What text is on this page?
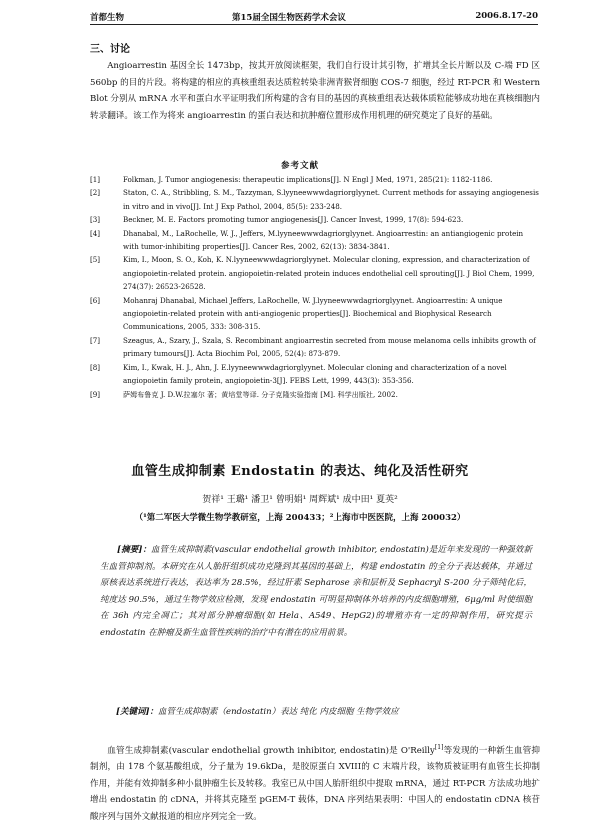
首都生物	第15届全国生物医药学术会议	2006.8.17-20
三、讨论
Angioarrestin 基因全长 1473bp，按其开放阅读框架，我们自行设计其引物，扩增其全长片断以及 C-端 FD 区 560bp 的目的片段。将构建的相应的真核重组表达质粒转染非洲青猴肾细胞 COS-7 细胞，经过 RT-PCR 和 Western Blot 分别从 mRNA 水平和蛋白水平证明我们所构建的含有目的基因的真核重组表达载体质粒能够成功地在真核细胞内转录翻译。该工作为将来 angioarrestin 的蛋白表达和抗肿瘤位置形成作用机理的研究奠定了良好的基础。
参考文献
[1]	Folkman, J. Tumor angiogenesis: therapeutic implications[J]. N Engl J Med, 1971, 285(21): 1182-1186.
[2]	Staton, C. A., Stribbling, S. M., Tazzyman, S.lyyneewwwdagriorglyynet. Current methods for assaying angiogenesis in vitro and in vivo[J]. Int J Exp Pathol, 2004, 85(5): 233-248.
[3]	Beckner, M. E. Factors promoting tumor angiogenesis[J]. Cancer Invest, 1999, 17(8): 594-623.
[4]	Dhanabal, M., LaRochelle, W. J., Jeffers, M.lyyneewwwdagriorglyynet. Angioarrestin: an antiangiogenic protein with tumor-inhibiting properties[J]. Cancer Res, 2002, 62(13): 3834-3841.
[5]	Kim, I., Moon, S. O., Koh, K. N.lyyneewwwdagriorglyynet. Molecular cloning, expression, and characterization of angiopoietin-related protein. angiopoietin-related protein induces endothelial cell sprouting[J]. J Biol Chem, 1999, 274(37): 26523-26528.
[6]	Mohanraj Dhanabal, Michael Jeffers, LaRochelle, W. J.lyyneewwwdagriorglyynet. Angioarrestin: A unique angiopoietin-related protein with anti-angiogenic properties[J]. Biochemical and Biophysical Research Communications, 2005, 333: 308-315.
[7]	Szeagus, A., Szary, J., Szala, S. Recombinant angioarrestin secreted from mouse melanoma cells inhibits growth of primary tumours[J]. Acta Biochim Pol, 2005, 52(4): 873-879.
[8]	Kim, I., Kwak, H. J., Ahn, J. E.lyyneewwwdagriorglyynet. Molecular cloning and characterization of a novel angiopoietin family protein, angiopoietin-3[J]. FEBS Lett, 1999, 443(3): 353-356.
[9]	萨姆布鲁克 J. D.W.拉塞尔 著；黄培堂等译. 分子克隆实验指南 [M]. 科学出版社, 2002.
血管生成抑制素 Endostatin 的表达、纯化及活性研究
贺祥¹ 王璐¹ 潘卫¹ 曾明娟¹ 周辉斌¹ 成中田¹ 夏英²
（¹第二军医大学微生物学教研室，上海 200433；²上海市中医医院，上海 200032）
[摘要]：血管生成抑制素(vascular endothelial growth inhibitor, endostatin)是近年来发现的一种强效新生血管抑制剂。本研究在从人胎肝组织成功克隆到其基因的基础上，构建 endostatin 的全分子表达载体，并通过原核表达系统进行表达，表达率为 28.5%，经过肝素 Sepharose 亲和层析及 Sephacryl S-200 分子筛纯化后，纯度达 90.5%，通过生物学效应检测，发现 endostatin 可明显抑制体外培养的内皮细胞增殖，6μg/ml 时使细胞在 36h 内完全凋亡；其对部分肿瘤细胞(如 Hela、A549、HepG2)的增殖亦有一定的抑制作用，研究提示 endostatin 在肿瘤及新生血管性疾病的治疗中有潜在的应用前景。
[关键词]：血管生成抑制素（endostatin）表达 纯化 内皮细胞 生物学效应
血管生成抑制素(vascular endothelial growth inhibitor, endostatin)是 O'Reilly[1]等发现的一种新生血管抑制剂，由 178 个氨基酸组成，分子量为 19.6kDa，是胶原蛋白 XVIII的 C 末端片段，该物质被证明有血管生长抑制作用，并能有效抑制多种小鼠肿瘤生长及转移。我室已从中国人胎肝组织中提取 mRNA，通过 RT-PCR 方法成功地扩增出 endostatin 的 cDNA，并将其克隆至 pGEM-T 载体，DNA 序列结果表明：中国人的 endostatin cDNA 核苷酸序列与国外文献报道的相应序列完全一致。
